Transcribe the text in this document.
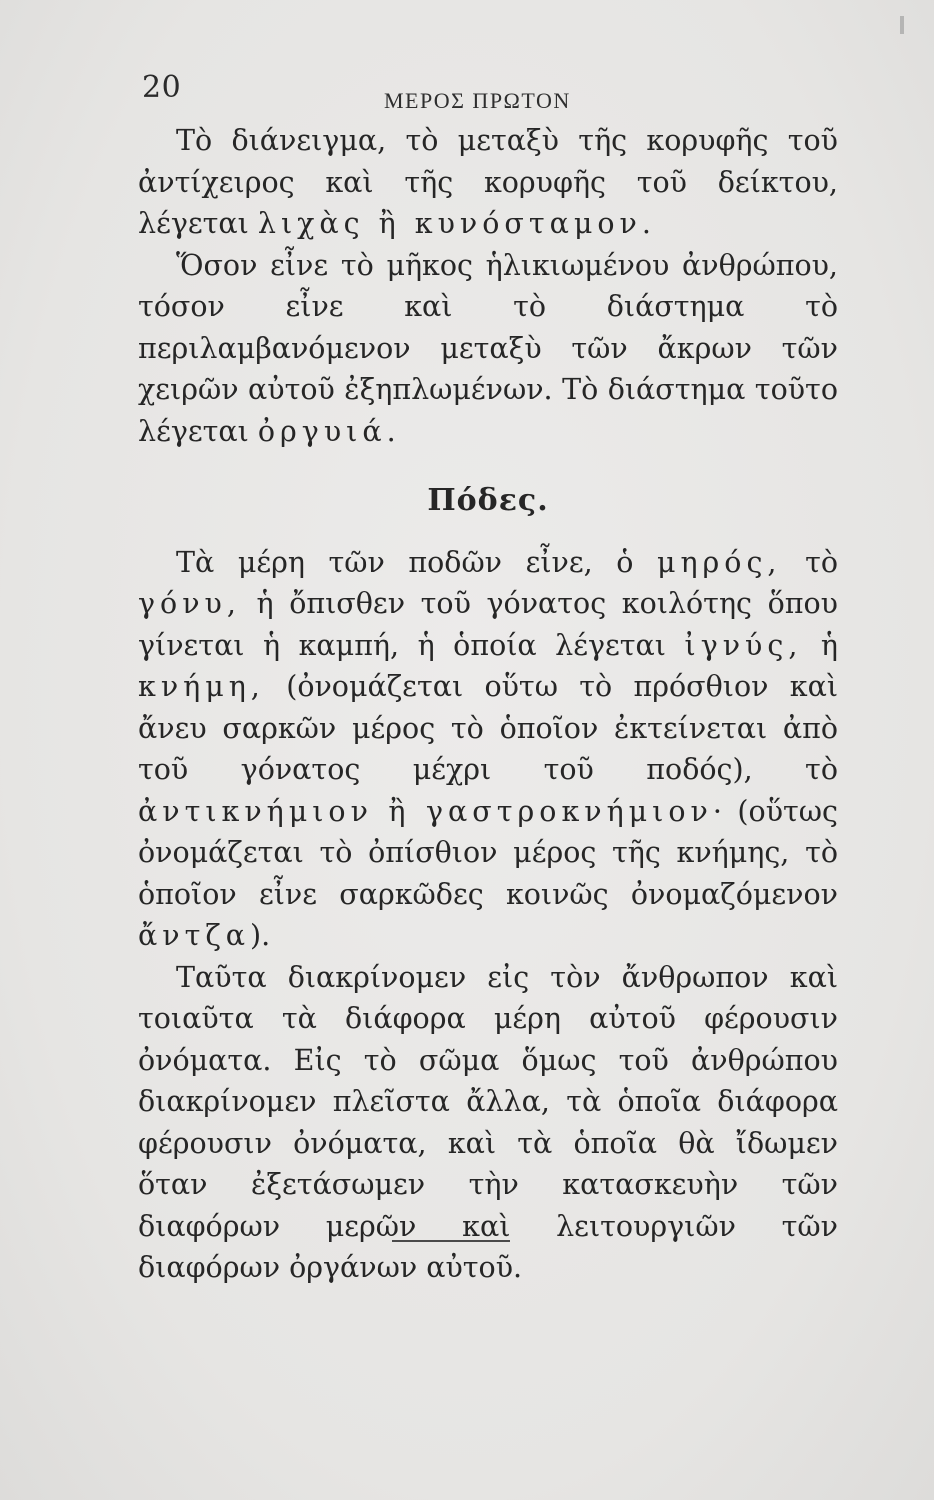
20	ΜΕΡΟΣ ΠΡΩΤΟΝ

Τὸ διάνειγμα, τὸ μεταξὺ τῆς κορυφῆς τοῦ ἀντίχειρος καὶ τῆς κορυφῆς τοῦ δείκτου, λέγεται λιχὰς ἢ κυνόσταμον.

Ὅσον εἶνε τὸ μῆκος ἡλικιωμένου ἀνθρώπου, τόσον εἶνε καὶ τὸ διάστημα τὸ περιλαμβανόμενον μεταξὺ τῶν ἄκρων τῶν χειρῶν αὐτοῦ ἐξηπλωμένων. Τὸ διάστημα τοῦτο λέγεται ὀργυιά.

Πόδες.

Τὰ μέρη τῶν ποδῶν εἶνε, ὁ μηρός, τὸ γόνυ, ἡ ὄπισθεν τοῦ γόνατος κοιλότης ὅπου γίνεται ἡ καμπή, ἡ ὁποία λέγεται ἰγνύς, ἡ κνήμη, (ὀνομάζεται οὕτω τὸ πρόσθιον καὶ ἄνευ σαρκῶν μέρος τὸ ὁποῖον ἐκτείνεται ἀπὸ τοῦ γόνατος μέχρι τοῦ ποδός), τὸ ἀντικνήμιον ἢ γαστροκνήμιον· (οὕτως ὀνομάζεται τὸ ὀπίσθιον μέρος τῆς κνήμης, τὸ ὁποῖον εἶνε σαρκῶδες κοινῶς ὀνομαζόμενον ἄντζα).

Ταῦτα διακρίνομεν εἰς τὸν ἄνθρωπον καὶ τοιαῦτα τὰ διάφορα μέρη αὐτοῦ φέρουσιν ὀνόματα. Εἰς τὸ σῶμα ὅμως τοῦ ἀνθρώπου διακρίνομεν πλεῖστα ἄλλα, τὰ ὁποῖα διάφορα φέρουσιν ὀνόματα, καὶ τὰ ὁποῖα θὰ ἴδωμεν ὅταν ἐξετάσωμεν τὴν κατασκευὴν τῶν διαφόρων μερῶν καὶ λειτουργιῶν τῶν διαφόρων ὀργάνων αὐτοῦ.
